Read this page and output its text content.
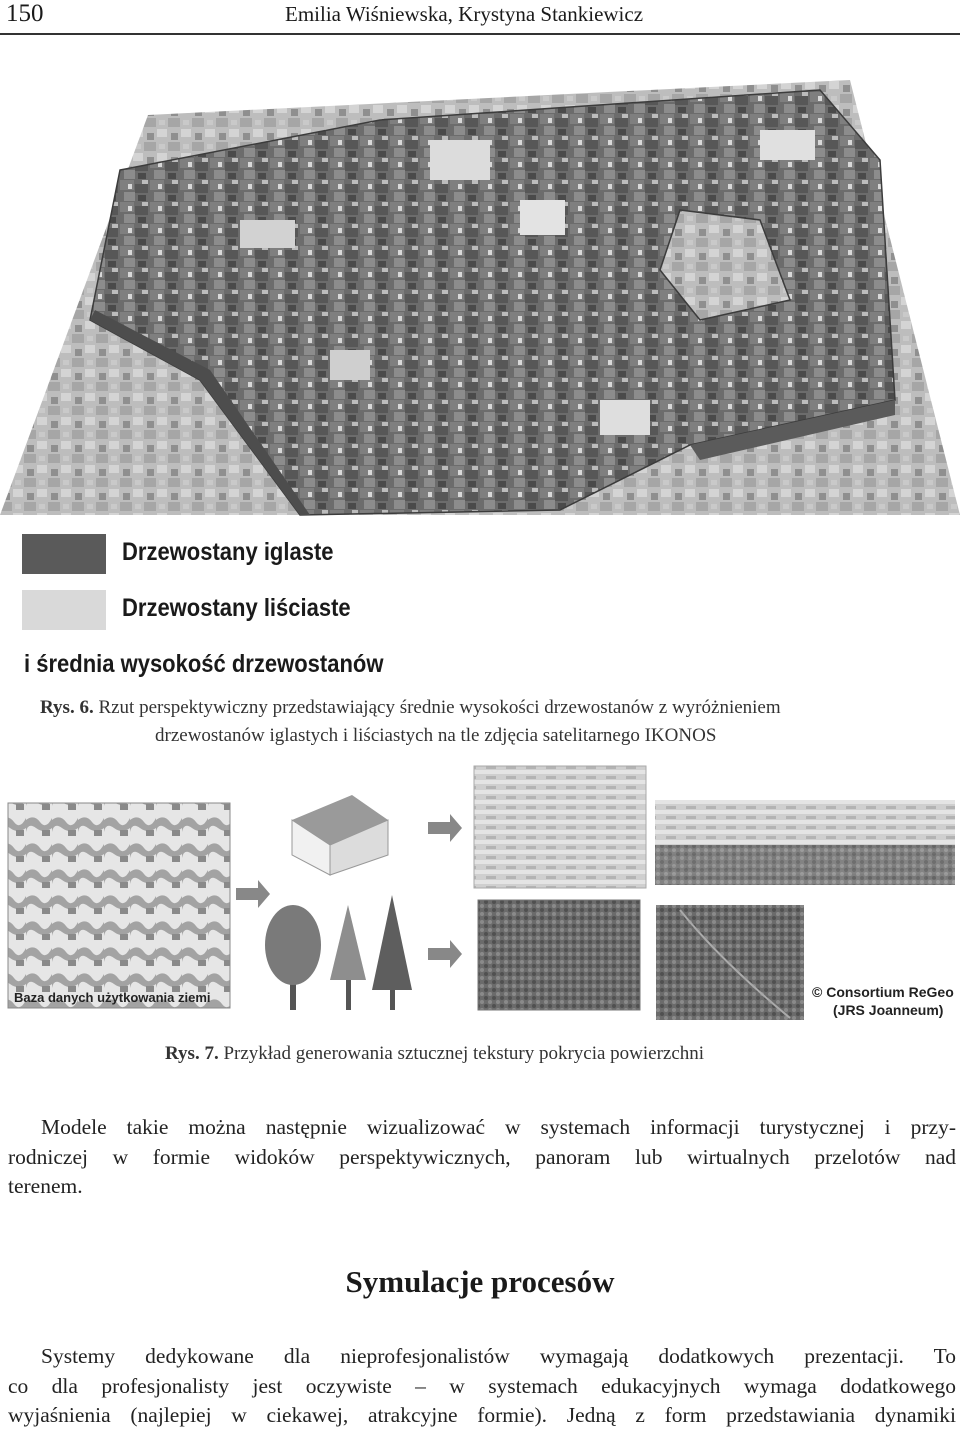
150	Emilia Wiśniewska, Krystyna Stankiewicz
Drzewostany iglaste
Drzewostany liściaste
i średnia wysokość drzewostanów
Rys. 6. Rzut perspektywiczny przedstawiający średnie wysokości drzewostanów z wyróżnieniem
drzewostanów iglastych i liściastych na tle zdjęcia satelitarnego IKONOS
Baza danych użytkowania ziemi	© Consortium ReGeo
(JRS Joanneum)
Rys. 7. Przykład generowania sztucznej tekstury pokrycia powierzchni
Modele takie można następnie wizualizować w systemach informacji turystycznej i przy-
rodniczej w formie widoków perspektywicznych, panoram lub wirtualnych przelotów nad
terenem.
Symulacje procesów
Systemy dedykowane dla nieprofesjonalistów wymagają dodatkowych prezentacji. To
co dla profesjonalisty jest oczywiste – w systemach edukacyjnych wymaga dodatkowego
wyjaśnienia (najlepiej w ciekawej, atrakcyjne formie). Jedną z form przedstawiania dynamiki
